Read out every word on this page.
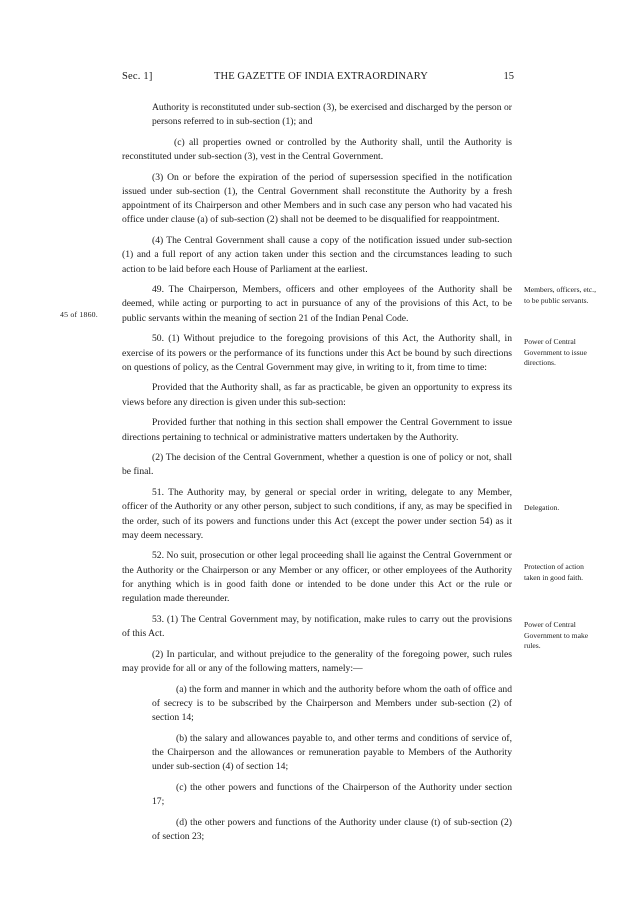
Sec. 1]	THE GAZETTE OF INDIA EXTRAORDINARY	15

Authority is reconstituted under sub-section (3), be exercised and discharged by the person or persons referred to in sub-section (1); and

(c) all properties owned or controlled by the Authority shall, until the Authority is reconstituted under sub-section (3), vest in the Central Government.

(3) On or before the expiration of the period of supersession specified in the notification issued under sub-section (1), the Central Government shall reconstitute the Authority by a fresh appointment of its Chairperson and other Members and in such case any person who had vacated his office under clause (a) of sub-section (2) shall not be deemed to be disqualified for reappointment.

(4) The Central Government shall cause a copy of the notification issued under sub-section (1) and a full report of any action taken under this section and the circumstances leading to such action to be laid before each House of Parliament at the earliest.

49. The Chairperson, Members, officers and other employees of the Authority shall be deemed, while acting or purporting to act in pursuance of any of the provisions of this Act, to be public servants within the meaning of section 21 of the Indian Penal Code.

50. (1) Without prejudice to the foregoing provisions of this Act, the Authority shall, in exercise of its powers or the performance of its functions under this Act be bound by such directions on questions of policy, as the Central Government may give, in writing to it, from time to time:

Provided that the Authority shall, as far as practicable, be given an opportunity to express its views before any direction is given under this sub-section:

Provided further that nothing in this section shall empower the Central Government to issue directions pertaining to technical or administrative matters undertaken by the Authority.

(2) The decision of the Central Government, whether a question is one of policy or not, shall be final.

51. The Authority may, by general or special order in writing, delegate to any Member, officer of the Authority or any other person, subject to such conditions, if any, as may be specified in the order, such of its powers and functions under this Act (except the power under section 54) as it may deem necessary.

52. No suit, prosecution or other legal proceeding shall lie against the Central Government or the Authority or the Chairperson or any Member or any officer, or other employees of the Authority for anything which is in good faith done or intended to be done under this Act or the rule or regulation made thereunder.

53. (1) The Central Government may, by notification, make rules to carry out the provisions of this Act.

(2) In particular, and without prejudice to the generality of the foregoing power, such rules may provide for all or any of the following matters, namely:—

(a) the form and manner in which and the authority before whom the oath of office and of secrecy is to be subscribed by the Chairperson and Members under sub-section (2) of section 14;

(b) the salary and allowances payable to, and other terms and conditions of service of, the Chairperson and the allowances or remuneration payable to Members of the Authority under sub-section (4) of section 14;

(c) the other powers and functions of the Chairperson of the Authority under section 17;

(d) the other powers and functions of the Authority under clause (t) of sub-section (2) of section 23;

45 of 1860.
Members, officers, etc., to be public servants.
Power of Central Government to issue directions.
Delegation.
Protection of action taken in good faith.
Power of Central Government to make rules.
